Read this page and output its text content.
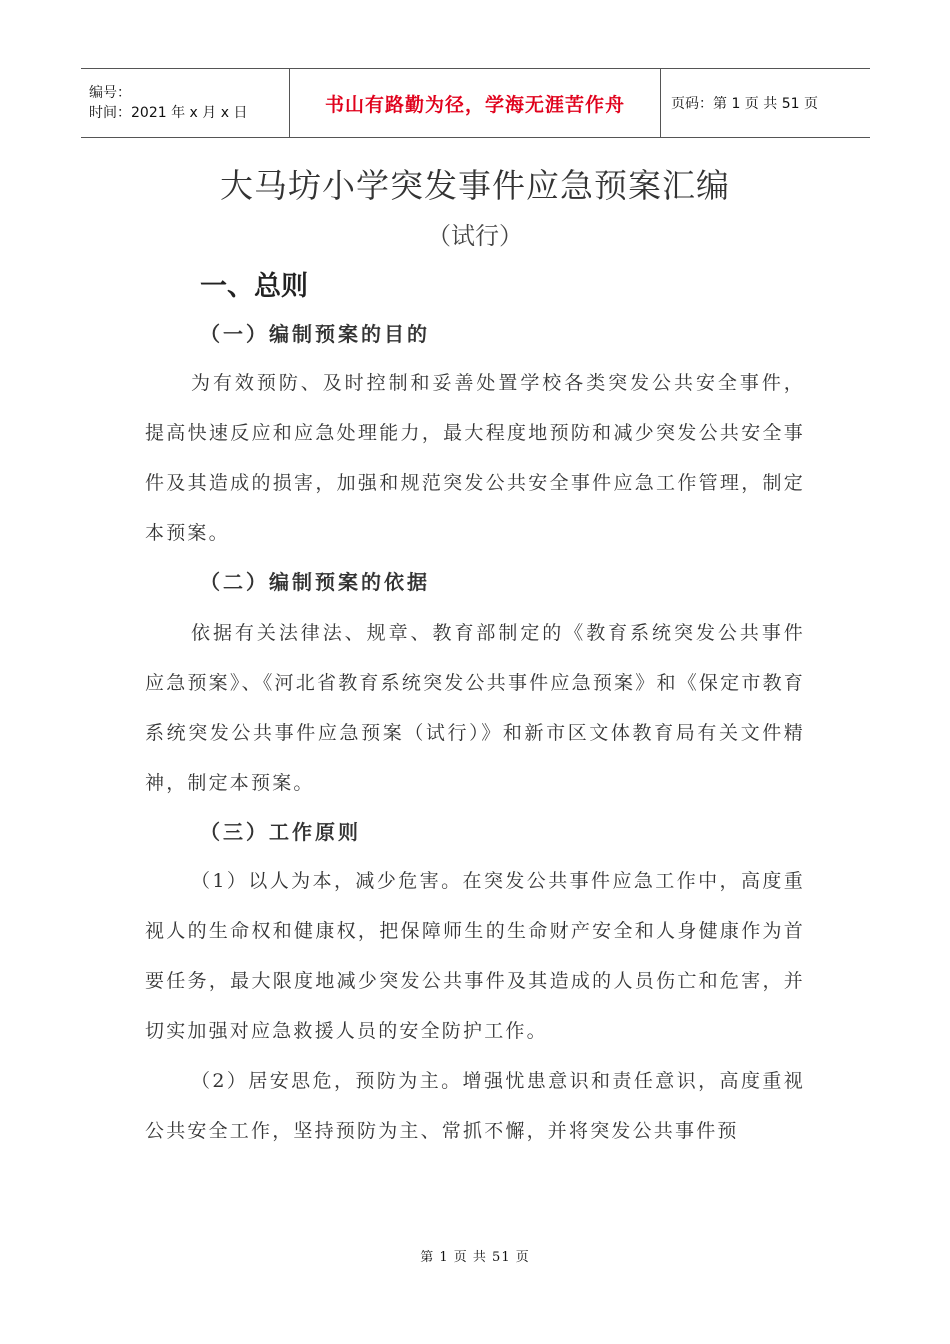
编号：
时间：2021 年 x 月 x 日	书山有路勤为径，学海无涯苦作舟	页码：第 1 页 共 51 页
大马坊小学突发事件应急预案汇编
（试行）
一、总则
（一）编制预案的目的
为有效预防、及时控制和妥善处置学校各类突发公共安全事件，提高快速反应和应急处理能力，最大程度地预防和减少突发公共安全事件及其造成的损害，加强和规范突发公共安全事件应急工作管理，制定本预案。
（二）编制预案的依据
依据有关法律法、规章、教育部制定的《教育系统突发公共事件应急预案》、《河北省教育系统突发公共事件应急预案》和《保定市教育系统突发公共事件应急预案（试行）》和新市区文体教育局有关文件精神，制定本预案。
（三）工作原则
（1）以人为本，减少危害。在突发公共事件应急工作中，高度重视人的生命权和健康权，把保障师生的生命财产安全和人身健康作为首要任务，最大限度地减少突发公共事件及其造成的人员伤亡和危害，并切实加强对应急救援人员的安全防护工作。
（2）居安思危，预防为主。增强忧患意识和责任意识，高度重视公共安全工作，坚持预防为主、常抓不懈，并将突发公共事件预
第 1 页 共 51 页
